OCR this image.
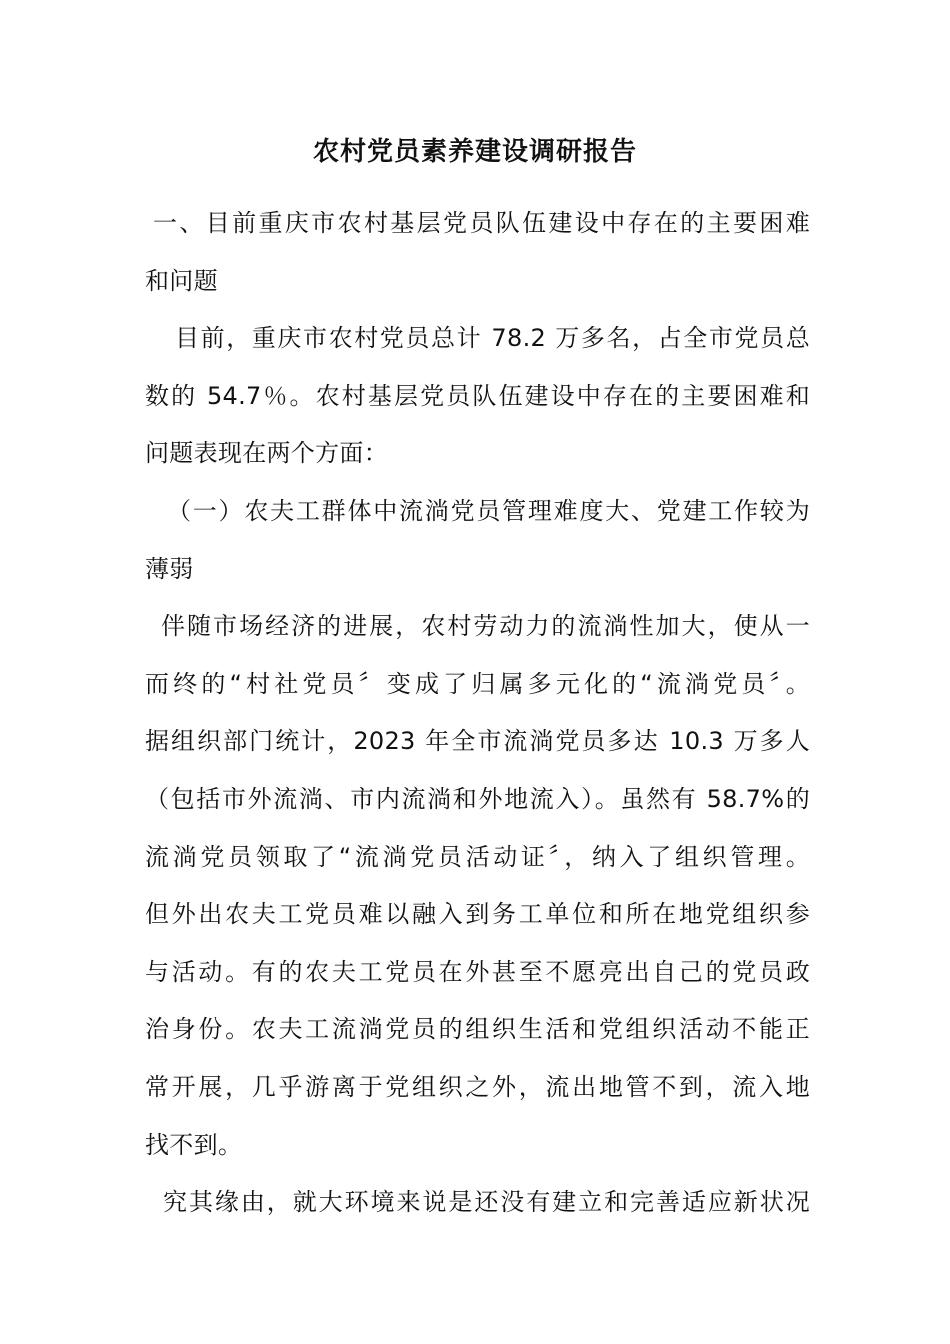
农村党员素养建设调研报告
一、目前重庆市农村基层党员队伍建设中存在的主要困难
和问题
目前，重庆市农村党员总计 78.2 万多名，占全市党员总
数的 54.7％。农村基层党员队伍建设中存在的主要困难和
问题表现在两个方面：
（一）农夫工群体中流淌党员管理难度大、党建工作较为
薄弱
伴随市场经济的进展，农村劳动力的流淌性加大，使从一
而终的“村社党员〞变成了归属多元化的“流淌党员〞。
据组织部门统计，2023 年全市流淌党员多达 10.3 万多人
（包括市外流淌、市内流淌和外地流入）。虽然有 58.7%的
流淌党员领取了“流淌党员活动证〞，纳入了组织管理。
但外出农夫工党员难以融入到务工单位和所在地党组织参
与活动。有的农夫工党员在外甚至不愿亮出自己的党员政
治身份。农夫工流淌党员的组织生活和党组织活动不能正
常开展，几乎游离于党组织之外，流出地管不到，流入地
找不到。
究其缘由，就大环境来说是还没有建立和完善适应新状况
